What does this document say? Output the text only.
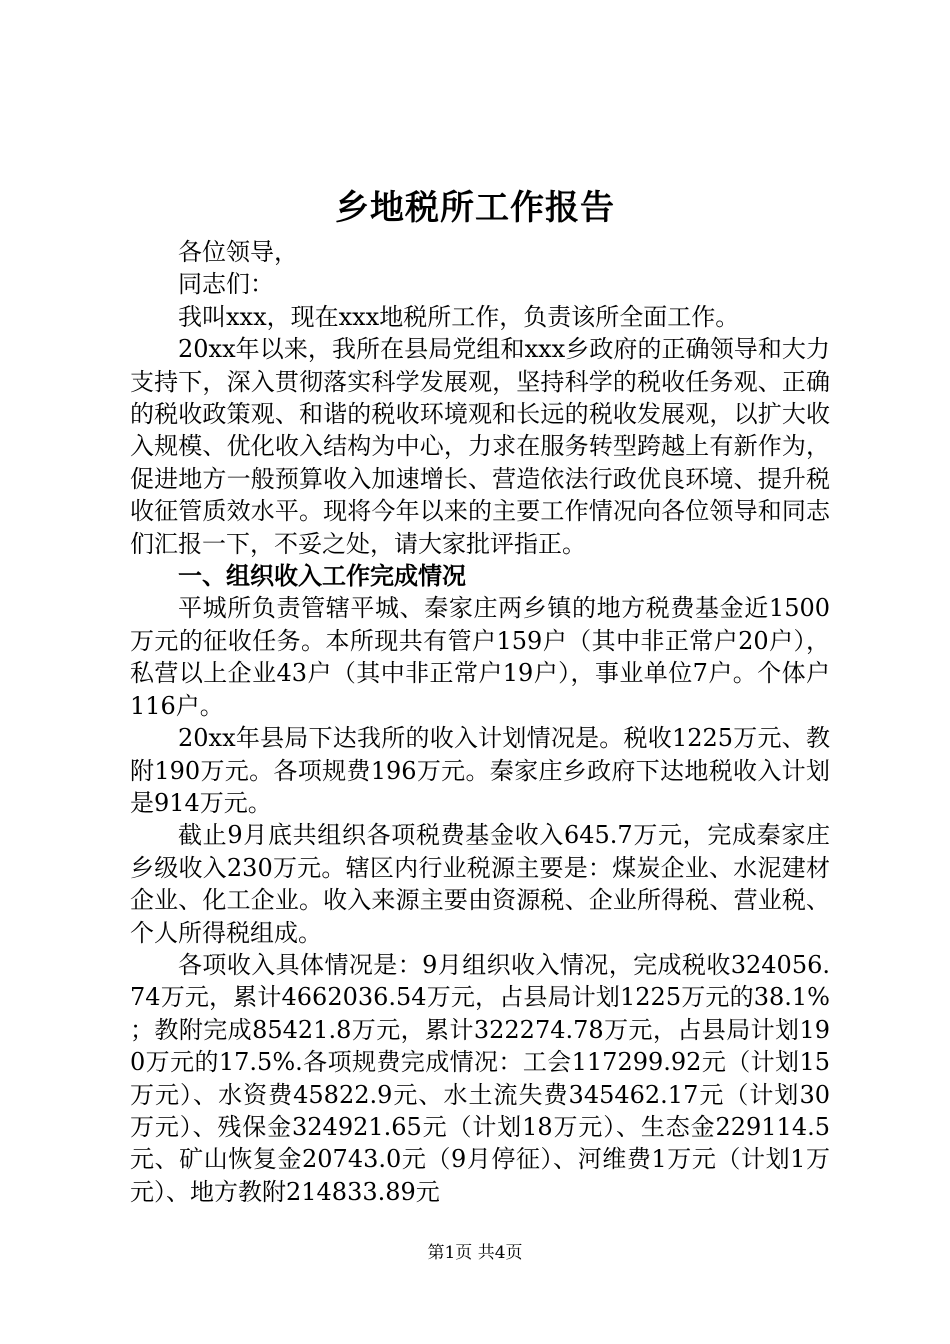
乡地税所工作报告

各位领导，

同志们：

我叫xxx，现在xxx地税所工作，负责该所全面工作。

20xx年以来，我所在县局党组和xxx乡政府的正确领导和大力支持下，深入贯彻落实科学发展观，坚持科学的税收任务观、正确的税收政策观、和谐的税收环境观和长远的税收发展观，以扩大收入规模、优化收入结构为中心，力求在服务转型跨越上有新作为，促进地方一般预算收入加速增长、营造依法行政优良环境、提升税收征管质效水平。现将今年以来的主要工作情况向各位领导和同志们汇报一下，不妥之处，请大家批评指正。

一、组织收入工作完成情况

平城所负责管辖平城、秦家庄两乡镇的地方税费基金近1500万元的征收任务。本所现共有管户159户（其中非正常户20户），私营以上企业43户（其中非正常户19户），事业单位7户。个体户116户。

20xx年县局下达我所的收入计划情况是。税收1225万元、教附190万元。各项规费196万元。秦家庄乡政府下达地税收入计划是914万元。

截止9月底共组织各项税费基金收入645.7万元，完成秦家庄乡级收入230万元。辖区内行业税源主要是：煤炭企业、水泥建材企业、化工企业。收入来源主要由资源税、企业所得税、营业税、个人所得税组成。

各项收入具体情况是：9月组织收入情况，完成税收324056.74万元，累计4662036.54万元，占县局计划1225万元的38.1%；教附完成85421.8万元，累计322274.78万元，占县局计划190万元的17.5%.各项规费完成情况：工会117299.92元（计划15万元）、水资费45822.9元、水土流失费345462.17元（计划30万元）、残保金324921.65元（计划18万元）、生态金229114.5元、矿山恢复金20743.0元（9月停征）、河维费1万元（计划1万元）、地方教附214833.89元

第1页 共4页
